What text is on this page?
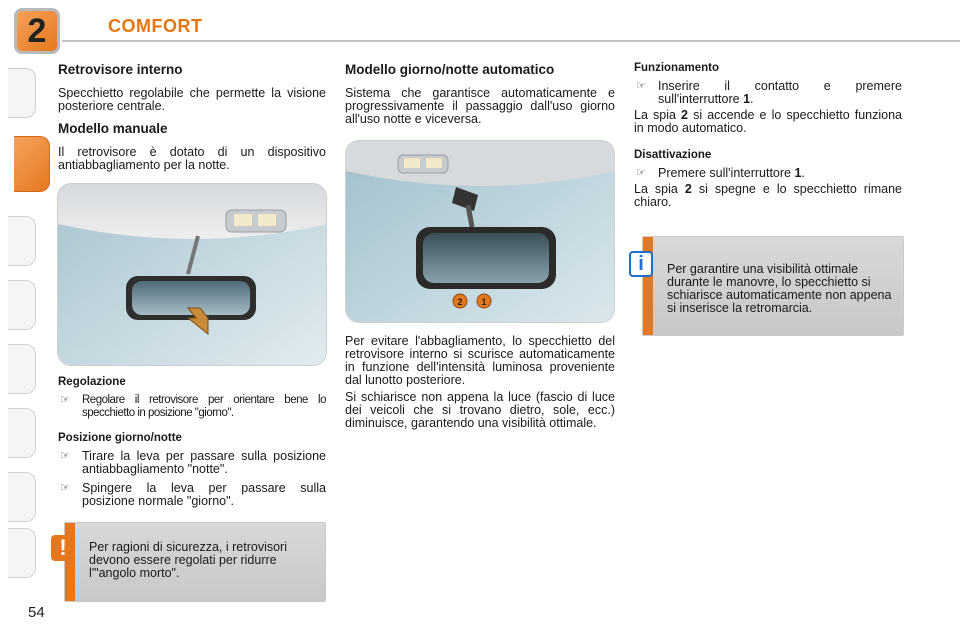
2	COMFORT
Retrovisore interno

Specchietto regolabile che permette la visione posteriore centrale.

Modello manuale

Il retrovisore è dotato di un dispositivo antiabbagliamento per la notte.

Regolazione
☞ Regolare il retrovisore per orientare bene lo specchietto in posizione "giorno".
Posizione giorno/notte
☞ Tirare la leva per passare sulla posizione antiabbagliamento "notte".
☞ Spingere la leva per passare sulla posizione normale "giorno".
!	Per ragioni di sicurezza, i retrovisori devono essere regolati per ridurre l'"angolo morto".
Modello giorno/notte automatico

Sistema che garantisce automaticamente e progressivamente il passaggio dall'uso giorno all'uso notte e viceversa.

2 1

Per evitare l'abbagliamento, lo specchietto del retrovisore interno si scurisce automaticamente in funzione dell'intensità luminosa proveniente dal lunotto posteriore.

Si schiarisce non appena la luce (fascio di luce dei veicoli che si trovano dietro, sole, ecc.) diminuisce, garantendo una visibilità ottimale.

Funzionamento
☞ Inserire il contatto e premere sull'interruttore 1.

La spia 2 si accende e lo specchietto funziona in modo automatico.

Disattivazione
☞ Premere sull'interruttore 1.

La spia 2 si spegne e lo specchietto rimane chiaro.

i	Per garantire una visibilità ottimale durante le manovre, lo specchietto si schiarisce automaticamente non appena si inserisce la retromarcia.
54
